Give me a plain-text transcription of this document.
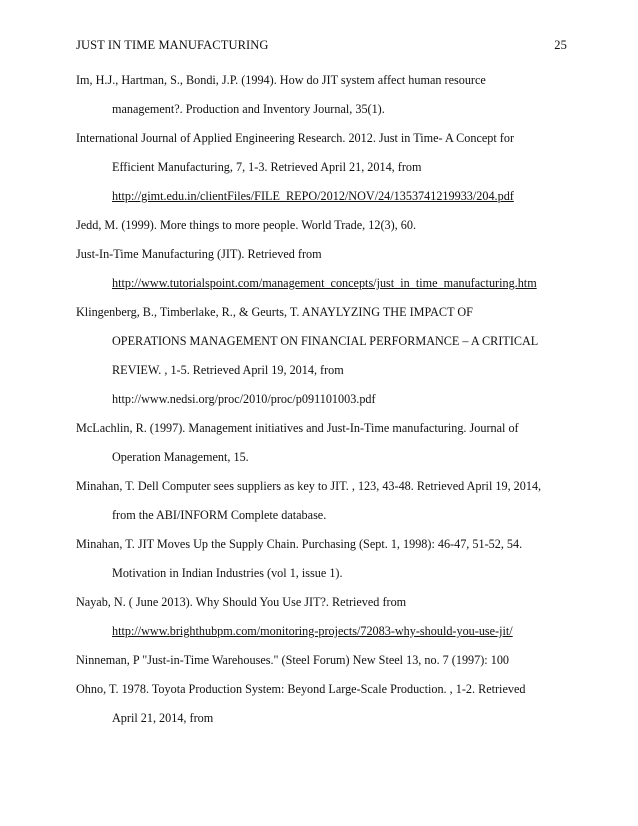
JUST IN TIME MANUFACTURING	25
Im, H.J., Hartman, S., Bondi, J.P. (1994). How do JIT system affect human resource
management?. Production and Inventory Journal, 35(1).
International Journal of Applied Engineering Research. 2012. Just in Time- A Concept for
Efficient Manufacturing, 7, 1-3. Retrieved April 21, 2014, from
http://gimt.edu.in/clientFiles/FILE_REPO/2012/NOV/24/1353741219933/204.pdf
Jedd, M. (1999). More things to more people. World Trade, 12(3), 60.
Just-In-Time Manufacturing (JIT). Retrieved from
http://www.tutorialspoint.com/management_concepts/just_in_time_manufacturing.htm
Klingenberg, B., Timberlake, R., & Geurts, T. ANAYLYZING THE IMPACT OF
OPERATIONS MANAGEMENT ON FINANCIAL PERFORMANCE – A CRITICAL
REVIEW. , 1-5. Retrieved April 19, 2014, from
http://www.nedsi.org/proc/2010/proc/p091101003.pdf
McLachlin, R. (1997). Management initiatives and Just-In-Time manufacturing. Journal of
Operation Management, 15.
Minahan, T. Dell Computer sees suppliers as key to JIT. , 123, 43-48. Retrieved April 19, 2014,
from the ABI/INFORM Complete database.
Minahan, T. JIT Moves Up the Supply Chain. Purchasing (Sept. 1, 1998): 46-47, 51-52, 54.
Motivation in Indian Industries (vol 1, issue 1).
Nayab, N. ( June 2013). Why Should You Use JIT?. Retrieved from
http://www.brighthubpm.com/monitoring-projects/72083-why-should-you-use-jit/
Ninneman, P "Just-in-Time Warehouses." (Steel Forum) New Steel 13, no. 7 (1997): 100
Ohno, T. 1978. Toyota Production System: Beyond Large-Scale Production. , 1-2. Retrieved
April 21, 2014, from
